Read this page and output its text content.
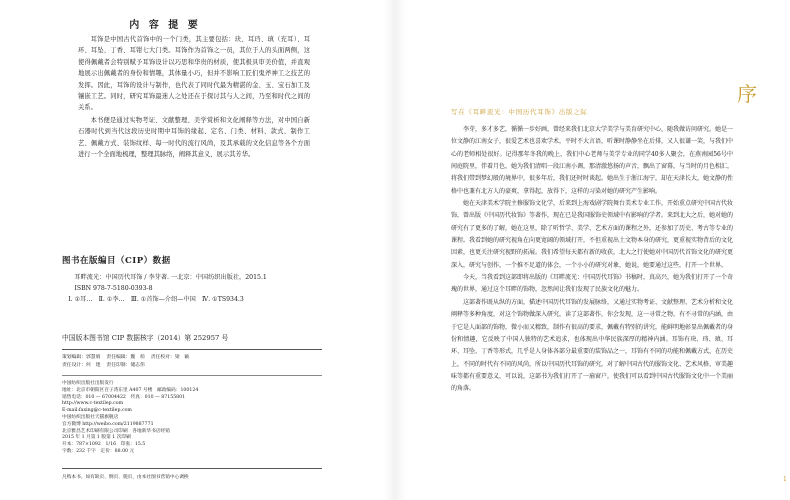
内 容 提 要

耳饰是中国古代首饰中的一个门类，其主要包括：玦、耳珰、瑱（充耳）、耳环、耳坠、丁香、耳钳七大门类。耳饰作为首饰之一员，其位于人的头面两侧，这使得佩戴者会特别赋予耳饰设计以巧思和华贵的材质，使其极具审美价值，并直观地展示出佩戴者的身份和情趣，其体量小巧，但并不影响工匠们鬼斧神工之技艺的发挥。因此，耳饰的设计与制作，也代表了同时代最为精湛的金、玉、宝石加工及镶嵌工艺。同时，研究耳饰最迷人之处还在于探讨其与人之间，乃至和时代之间的关系。

本书便是通过实物考证、文献整理、美学赏析和文化阐释等方法，对中国自新石器时代到当代这段历史时期中耳饰的缘起、定名、门类、材料、款式、制作工艺、佩戴方式、装饰纹样、每一时代的流行风尚，及其承载的文化信息等各个方面进行一个全面地梳理，整理其脉络，阐释其意义，展示其芳华。

图书在版编目（CIP）数据

耳畔流光：中国历代耳饰 / 李芽著. 一北京：中国纺织出版社，2015.1

ISBN 978-7-5180-0393-8

Ⅰ. ①耳…　Ⅱ. ①李…　Ⅲ. ①首饰—介绍—中国　Ⅳ. ①TS934.3

中国版本图书馆 CIP 数据核字（2014）第 252957 号
策划编辑：郭慧娟 责任编辑：魏　萌 责任校对：梁　颖
责任设计：何　建 责任印制：储志伟

中国纺织出版社出版发行

地址：北京市朝阳区百子湾东里 A407 号楼　邮政编码：100124

销售电话：010 — 67004422　传真：010 — 87155801

http://www.c-textilep.com

E-mail:faxing@c-textilep.com

中国纺织出版社天猫旗舰店

官方微博 http://weibo.com/2119887771

北京雅昌艺术印刷有限公司印刷　各地新华书店经销

2015 年 1 月第 1 版第 1 次印刷

开本：787×1092　1/16　印张：15.5

字数：232 千字　定价：88.00 元

凡购本书，如有缺页、倒页、脱页，由本社图书营销中心调换
序
写在《耳畔流光：中国历代耳饰》出版之际

李芽，多才多艺，循循一步好画，曾经来我们北京大学美学与美育研究中心，随我做访问研究。她是一位文静的江南女子，很爱艺术也喜欢学术，平时不大言语，听课时静静坐在后排，又人很谦一笑，与我们中心的老师相处很好。记得那年冬我的晚上，我们中心老师与美学专业的同学40多人聚会，在燕南园56号中间庭院里，伴着月色，她为我们清唱一段江南小调，那清澈悠扬的声音，飘出了窗幕，与当时的月色相汇，将我们带到梦幻般的境界中，很多年后，我们还时时谈起。她出生于浙江海宁，却在天津长大，她文静的性格中也兼有北方人的豪爽，拿得起，放得下，这样的习染对她的研究产生影响。

她在天津美术学院主修服饰文化学，后来到上海戏剧学院舞台美术专业工作，开始重点研究中国古代妆饰，曾出版《中国历代妆饰》等著作，现在已是我国服饰史领域中有影响的学者。来到北大之后，她对她的研究有了更多的了解，她在这里，除了听哲学、美学、艺术方面的课程之外，还参加了历史、考古等专业的课程。我看到她的研究视角在向更宽阔的领域打开，不但重视出土文物本身的研究，更重视实物背后的文化因素，也更关注研究视野的拓展。我们希望每天都有新的收获，北大之行使她对中国历代首饰文化的研究更深入，研究与创作，一个推不足道的体会，一个小小的研究对象，她说，她要通过这些，打开一个世界。

今天，当我看到这部即将出版的《耳畔流光：中国历代耳饰》书稿时，真高兴，她为我们打开了一个奇瑰的世界，通过这个耳畔的饰物，忽然间让我们发现了民族文化的魅力。

这部著作既从纵的方面，描述中国历代耳饰的发展脉络，又通过实物考证、文献整理、艺术分析和文化阐释等多种角度，对这个饰物做深入研究，读了这部著作，你会发现，这一寻常之物，有不寻常的内涵，由于它是人面部的饰物，微小而又精致，制作有很高的要求，佩戴有特别的讲究，能鲜明地彰显出佩戴者的身份和情趣，它反映了中国人独特的艺术追求，也体现出中华民族深厚的精神内涵。耳饰有玦、珰、瑱、耳环、耳坠、丁香等形式，几乎是人身体各部分最重要的装饰品之一，耳饰有不同的功能和佩戴方式，在历史上，不同的时代有不同的风尚，所以中国历代耳饰的研究，对了解中国古代的服饰文化、艺术风格、审美趣味等都有重要意义，可以说，这部书为我们打开了一扇窗户，使我们可以看到中国古代服饰文化中一个美丽的角落。

1
